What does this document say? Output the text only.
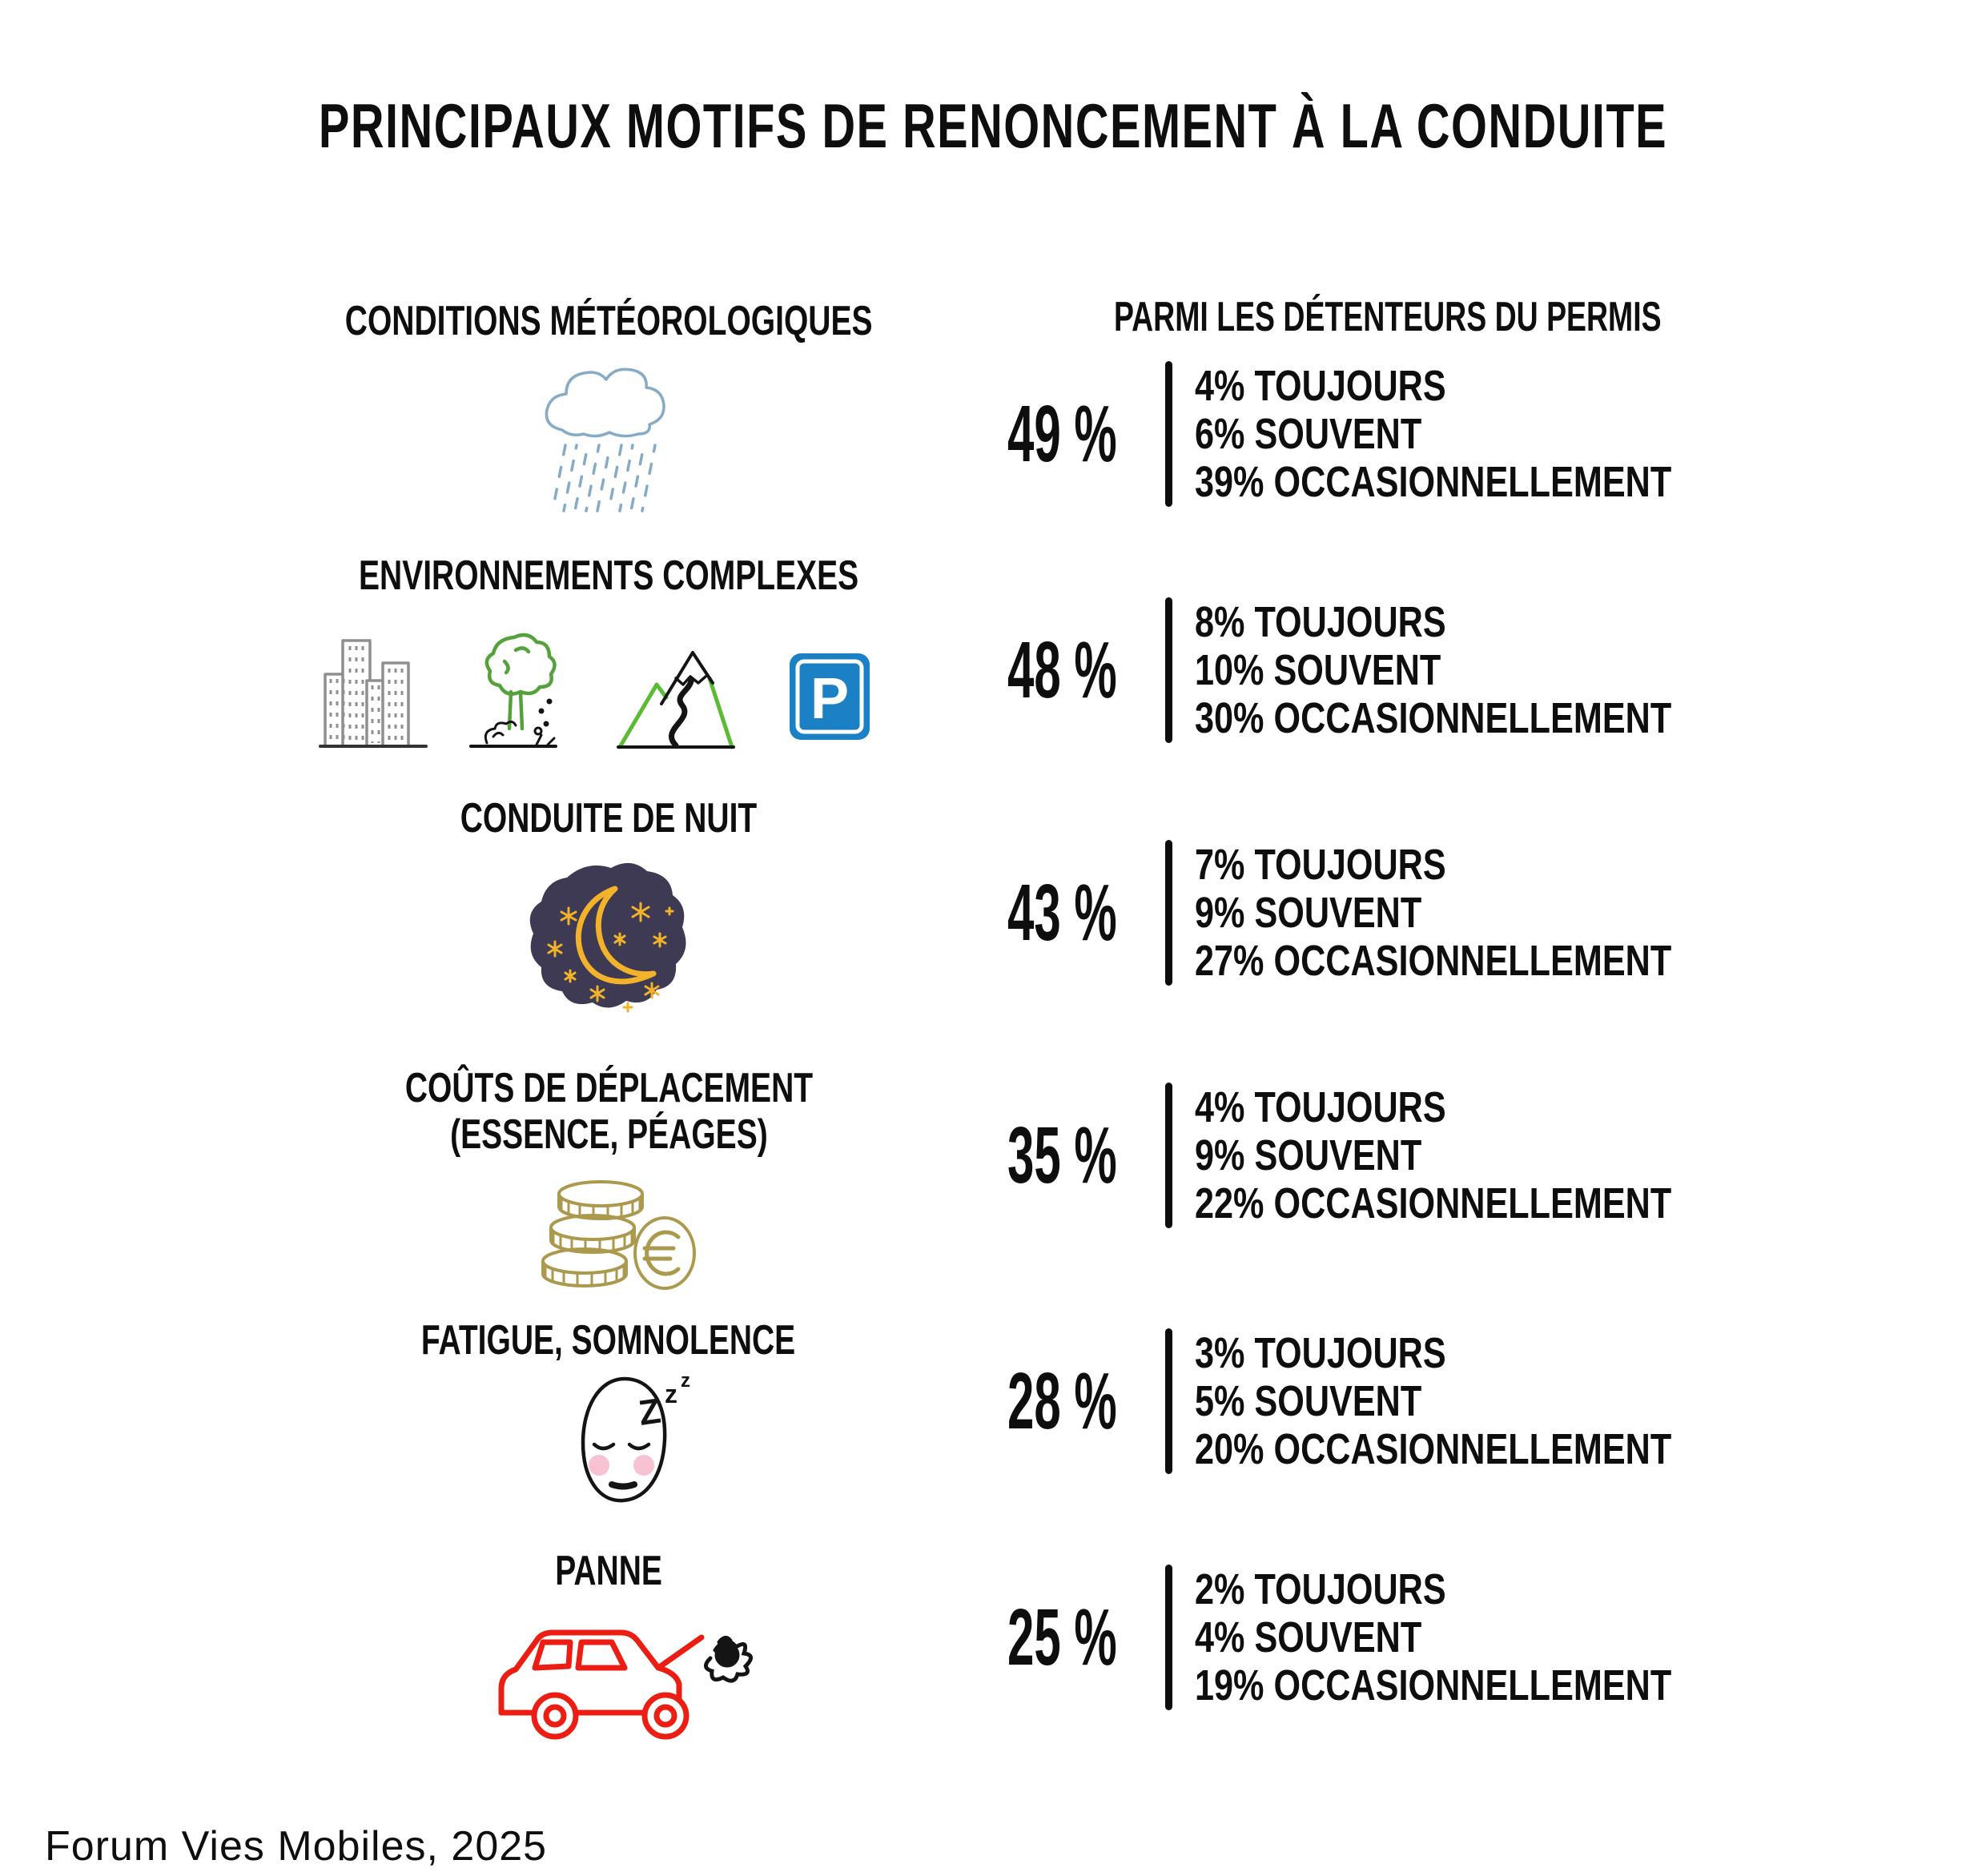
PRINCIPAUX MOTIFS DE RENONCEMENT À LA CONDUITE
PARMI LES DÉTENTEURS DU PERMIS
CONDITIONS MÉTÉOROLOGIQUES
49 %
4% TOUJOURS
6% SOUVENT
39% OCCASIONNELLEMENT
ENVIRONNEMENTS COMPLEXES
P 48 %
8% TOUJOURS
10% SOUVENT
30% OCCASIONNELLEMENT
CONDUITE DE NUIT
43 %
7% TOUJOURS
9% SOUVENT
27% OCCASIONNELLEMENT
COÛTS DE DÉPLACEMENT
(ESSENCE, PÉAGES)	35 %
4% TOUJOURS
9% SOUVENT
22% OCCASIONNELLEMENT
FATIGUE, SOMNOLENCE
Z z z	28 %
3% TOUJOURS
5% SOUVENT
20% OCCASIONNELLEMENT
PANNE
25 %
2% TOUJOURS
4% SOUVENT
19% OCCASIONNELLEMENT
Forum Vies Mobiles, 2025
